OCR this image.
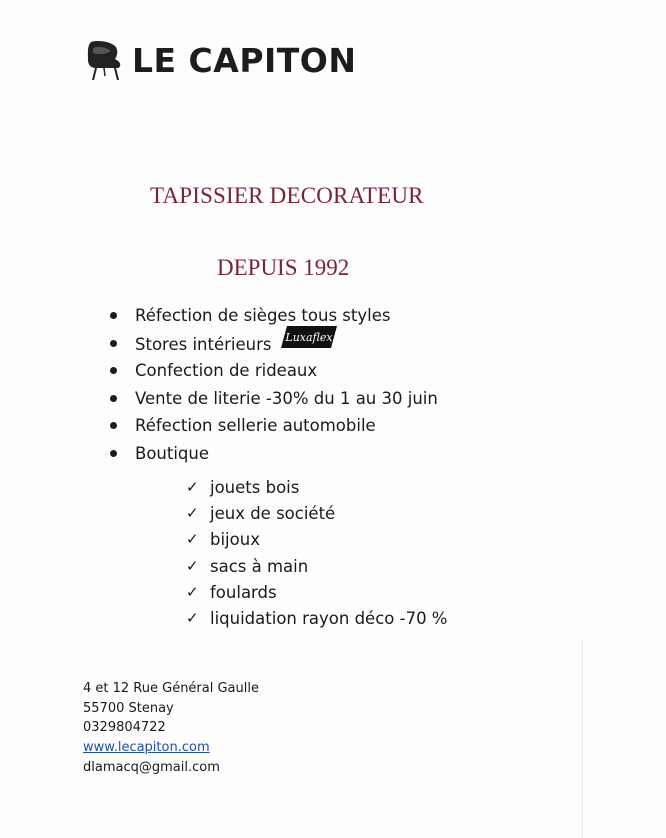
LE CAPITON
TAPISSIER DECORATEUR
DEPUIS 1992
Réfection de sièges tous styles
Stores intérieurs Luxaflex
Confection de rideaux
Vente de literie -30% du 1 au 30 juin
Réfection sellerie automobile
Boutique
✓ jouets bois
✓ jeux de société
✓ bijoux
✓ sacs à main
✓ foulards
✓ liquidation rayon déco -70 %
4 et 12 Rue Général Gaulle
55700 Stenay
0329804722
www.lecapiton.com
dlamacq@gmail.com
